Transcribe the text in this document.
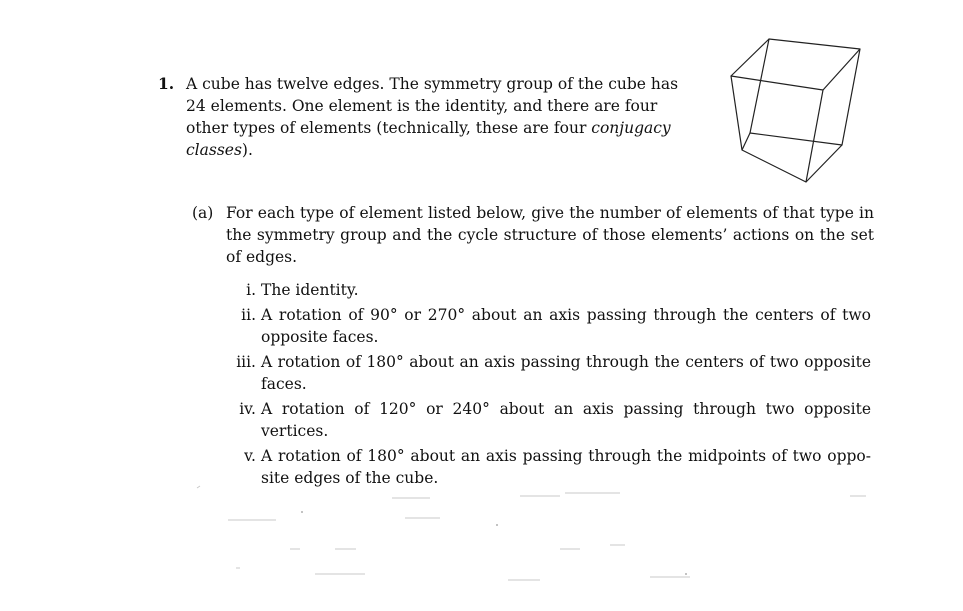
1. A cube has twelve edges. The symmetry group of the cube has 24 elements. One element is the identity, and there are four other types of elements (technically, these are four conjugacy classes).
(a) For each type of element listed below, give the number of elements of that type in the symmetry group and the cycle structure of those elements’ actions on the set of edges.
i. The identity.
ii. A rotation of 90° or 270° about an axis passing through the centers of two opposite faces.
iii. A rotation of 180° about an axis passing through the centers of two opposite faces.
iv. A rotation of 120° or 240° about an axis passing through two opposite vertices.
v. A rotation of 180° about an axis passing through the midpoints of two oppo-site edges of the cube.
